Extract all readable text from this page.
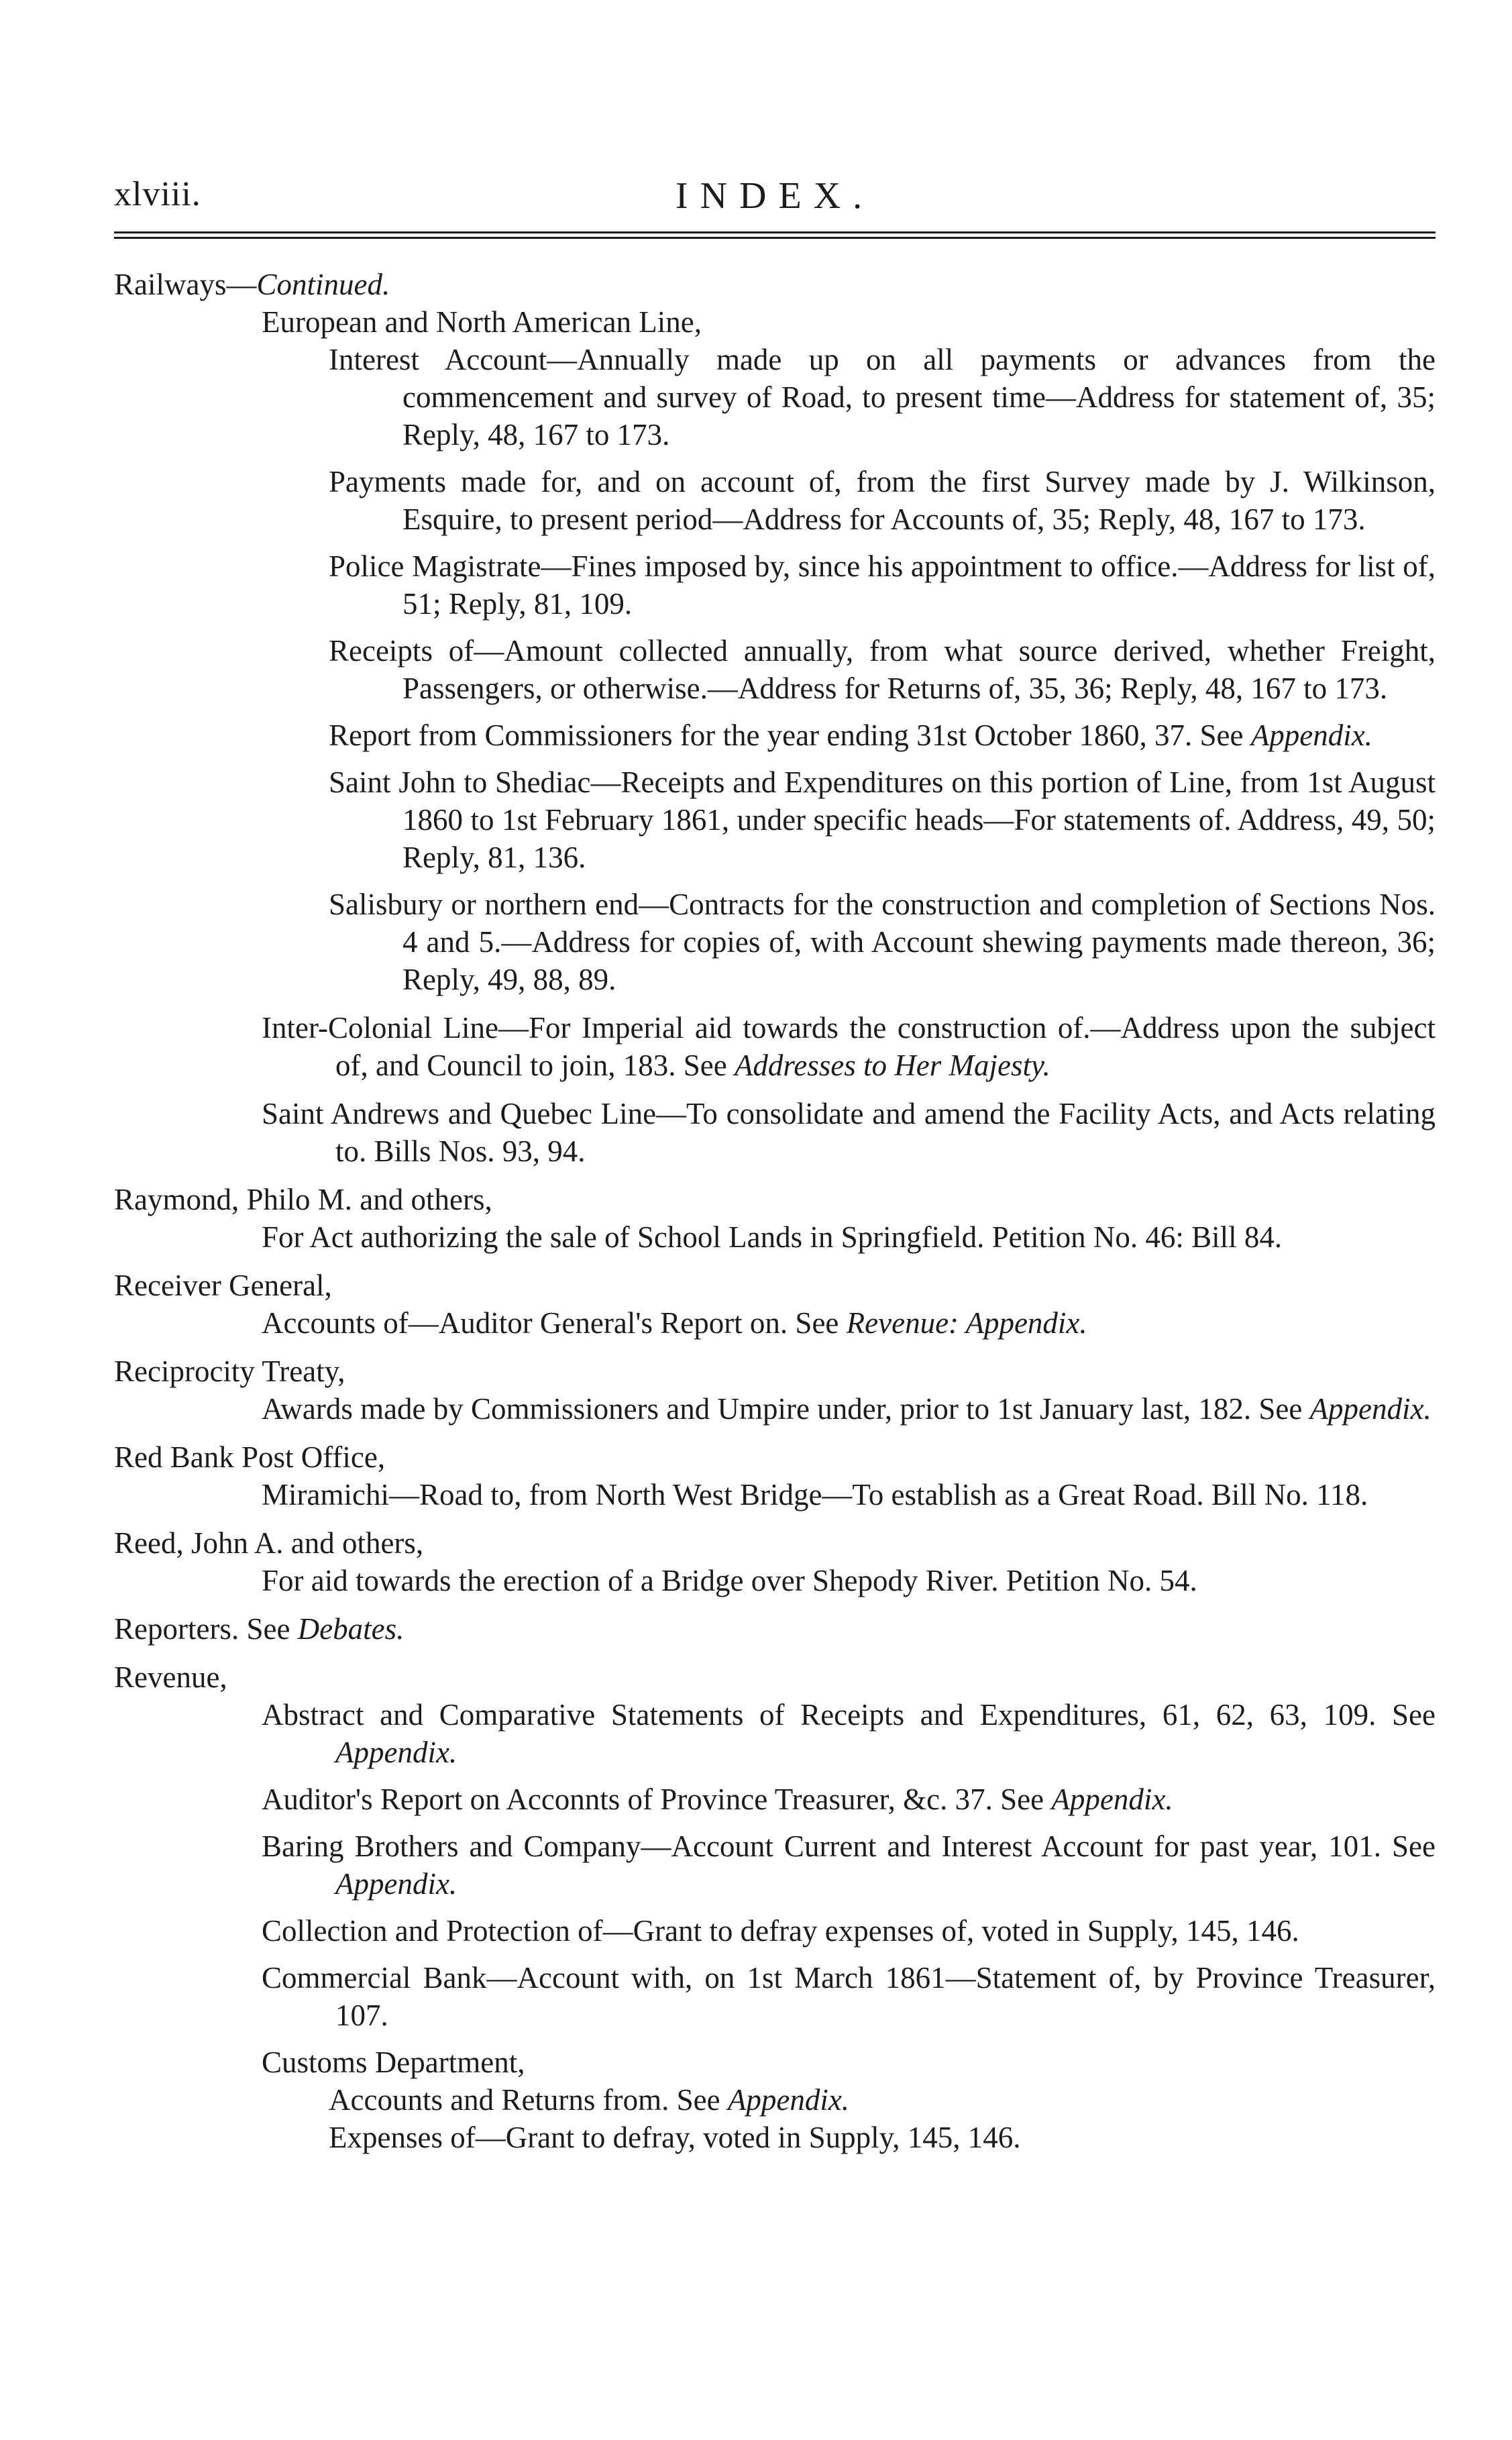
xlviii.	INDEX.

Railways—Continued.

European and North American Line,

Interest Account—Annually made up on all payments or advances from the commencement and survey of Road, to present time—Address for statement of, 35; Reply, 48, 167 to 173.

Payments made for, and on account of, from the first Survey made by J. Wilkinson, Esquire, to present period—Address for Accounts of, 35; Reply, 48, 167 to 173.

Police Magistrate—Fines imposed by, since his appointment to office.—Address for list of, 51; Reply, 81, 109.

Receipts of—Amount collected annually, from what source derived, whether Freight, Passengers, or otherwise.—Address for Returns of, 35, 36; Reply, 48, 167 to 173.

Report from Commissioners for the year ending 31st October 1860, 37. See Appendix.

Saint John to Shediac—Receipts and Expenditures on this portion of Line, from 1st August 1860 to 1st February 1861, under specific heads—For statements of. Address, 49, 50; Reply, 81, 136.

Salisbury or northern end—Contracts for the construction and completion of Sections Nos. 4 and 5.—Address for copies of, with Account shewing payments made thereon, 36; Reply, 49, 88, 89.

Inter-Colonial Line—For Imperial aid towards the construction of.—Address upon the subject of, and Council to join, 183. See Addresses to Her Majesty.

Saint Andrews and Quebec Line—To consolidate and amend the Facility Acts, and Acts relating to. Bills Nos. 93, 94.

Raymond, Philo M. and others,

For Act authorizing the sale of School Lands in Springfield. Petition No. 46: Bill 84.

Receiver General,

Accounts of—Auditor General's Report on. See Revenue: Appendix.

Reciprocity Treaty,

Awards made by Commissioners and Umpire under, prior to 1st January last, 182. See Appendix.

Red Bank Post Office,

Miramichi—Road to, from North West Bridge—To establish as a Great Road. Bill No. 118.

Reed, John A. and others,

For aid towards the erection of a Bridge over Shepody River. Petition No. 54.

Reporters. See Debates.

Revenue,

Abstract and Comparative Statements of Receipts and Expenditures, 61, 62, 63, 109. See Appendix.

Auditor's Report on Acconnts of Province Treasurer, &c. 37. See Appendix.

Baring Brothers and Company—Account Current and Interest Account for past year, 101. See Appendix.

Collection and Protection of—Grant to defray expenses of, voted in Supply, 145, 146.

Commercial Bank—Account with, on 1st March 1861—Statement of, by Province Treasurer, 107.

Customs Department,

Accounts and Returns from. See Appendix.

Expenses of—Grant to defray, voted in Supply, 145, 146.
